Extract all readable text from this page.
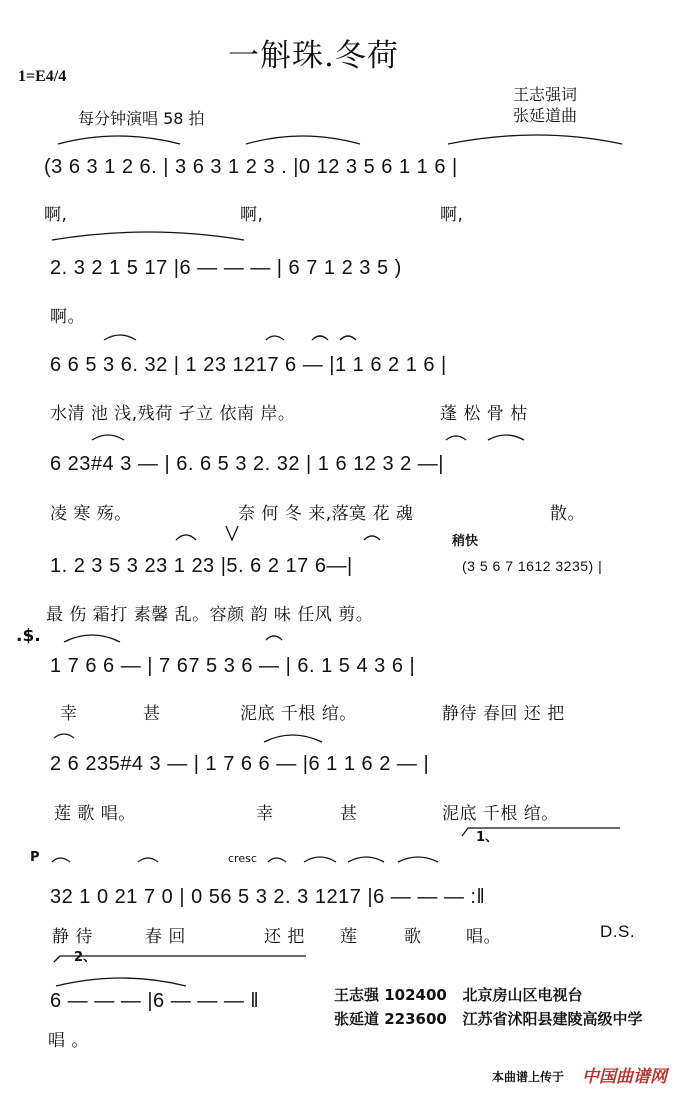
一斛珠.冬荷
1=E4/4
王志强词
张延道曲
每分钟演唱 58 拍
(3 6 3 1 2 6. | 3 6 3 1 2 3 . |0 12 3 5 6 1 1 6 |
啊,	啊,	啊,
2. 3 2 1 5 17 |6 — — — | 6 7 1 2 3 5 )
啊。
6 6 5 3 6. 32 | 1 23 1217 6 — |1 1 6 2 1 6 |
水清 池 浅,残荷 孑立 依南 岸。	蓬 松 骨 枯
6 23#4 3 — | 6. 6 5 3 2. 32 | 1 6 12 3 2 —|
凌 寒 殇。	奈 何 冬 来,落寞 花 魂	散。
稍快
1. 2 3 5 3 23 1 23 |5. 6 2 17 6—|	(3 5 6 7 1612 3235) |
最 伤 霜打 素馨 乱。容颜 韵 味 任风 剪。
.$.
1 7 6 6 — | 7 67 5 3 6 — | 6. 1 5 4 3 6 |
幸	甚	泥底 千根 绾。	静待 春回 还 把
2 6 235#4 3 — | 1 7 6 6 — |6 1 1 6 2 — |
莲 歌 唱。	幸	甚	泥底 千根 绾。
1、
P	cresc
32 1 0 21 7 0 | 0 56 5 3 2. 3 1217 |6 — — — :‖
静 待	春 回	还 把 莲	歌	唱。	D.S.
2、
6 — — — |6 — — — ‖
唱 。
王志强 102400 北京房山区电视台
张延道 223600 江苏省沭阳县建陵高级中学
本曲谱上传于 中国曲谱网
